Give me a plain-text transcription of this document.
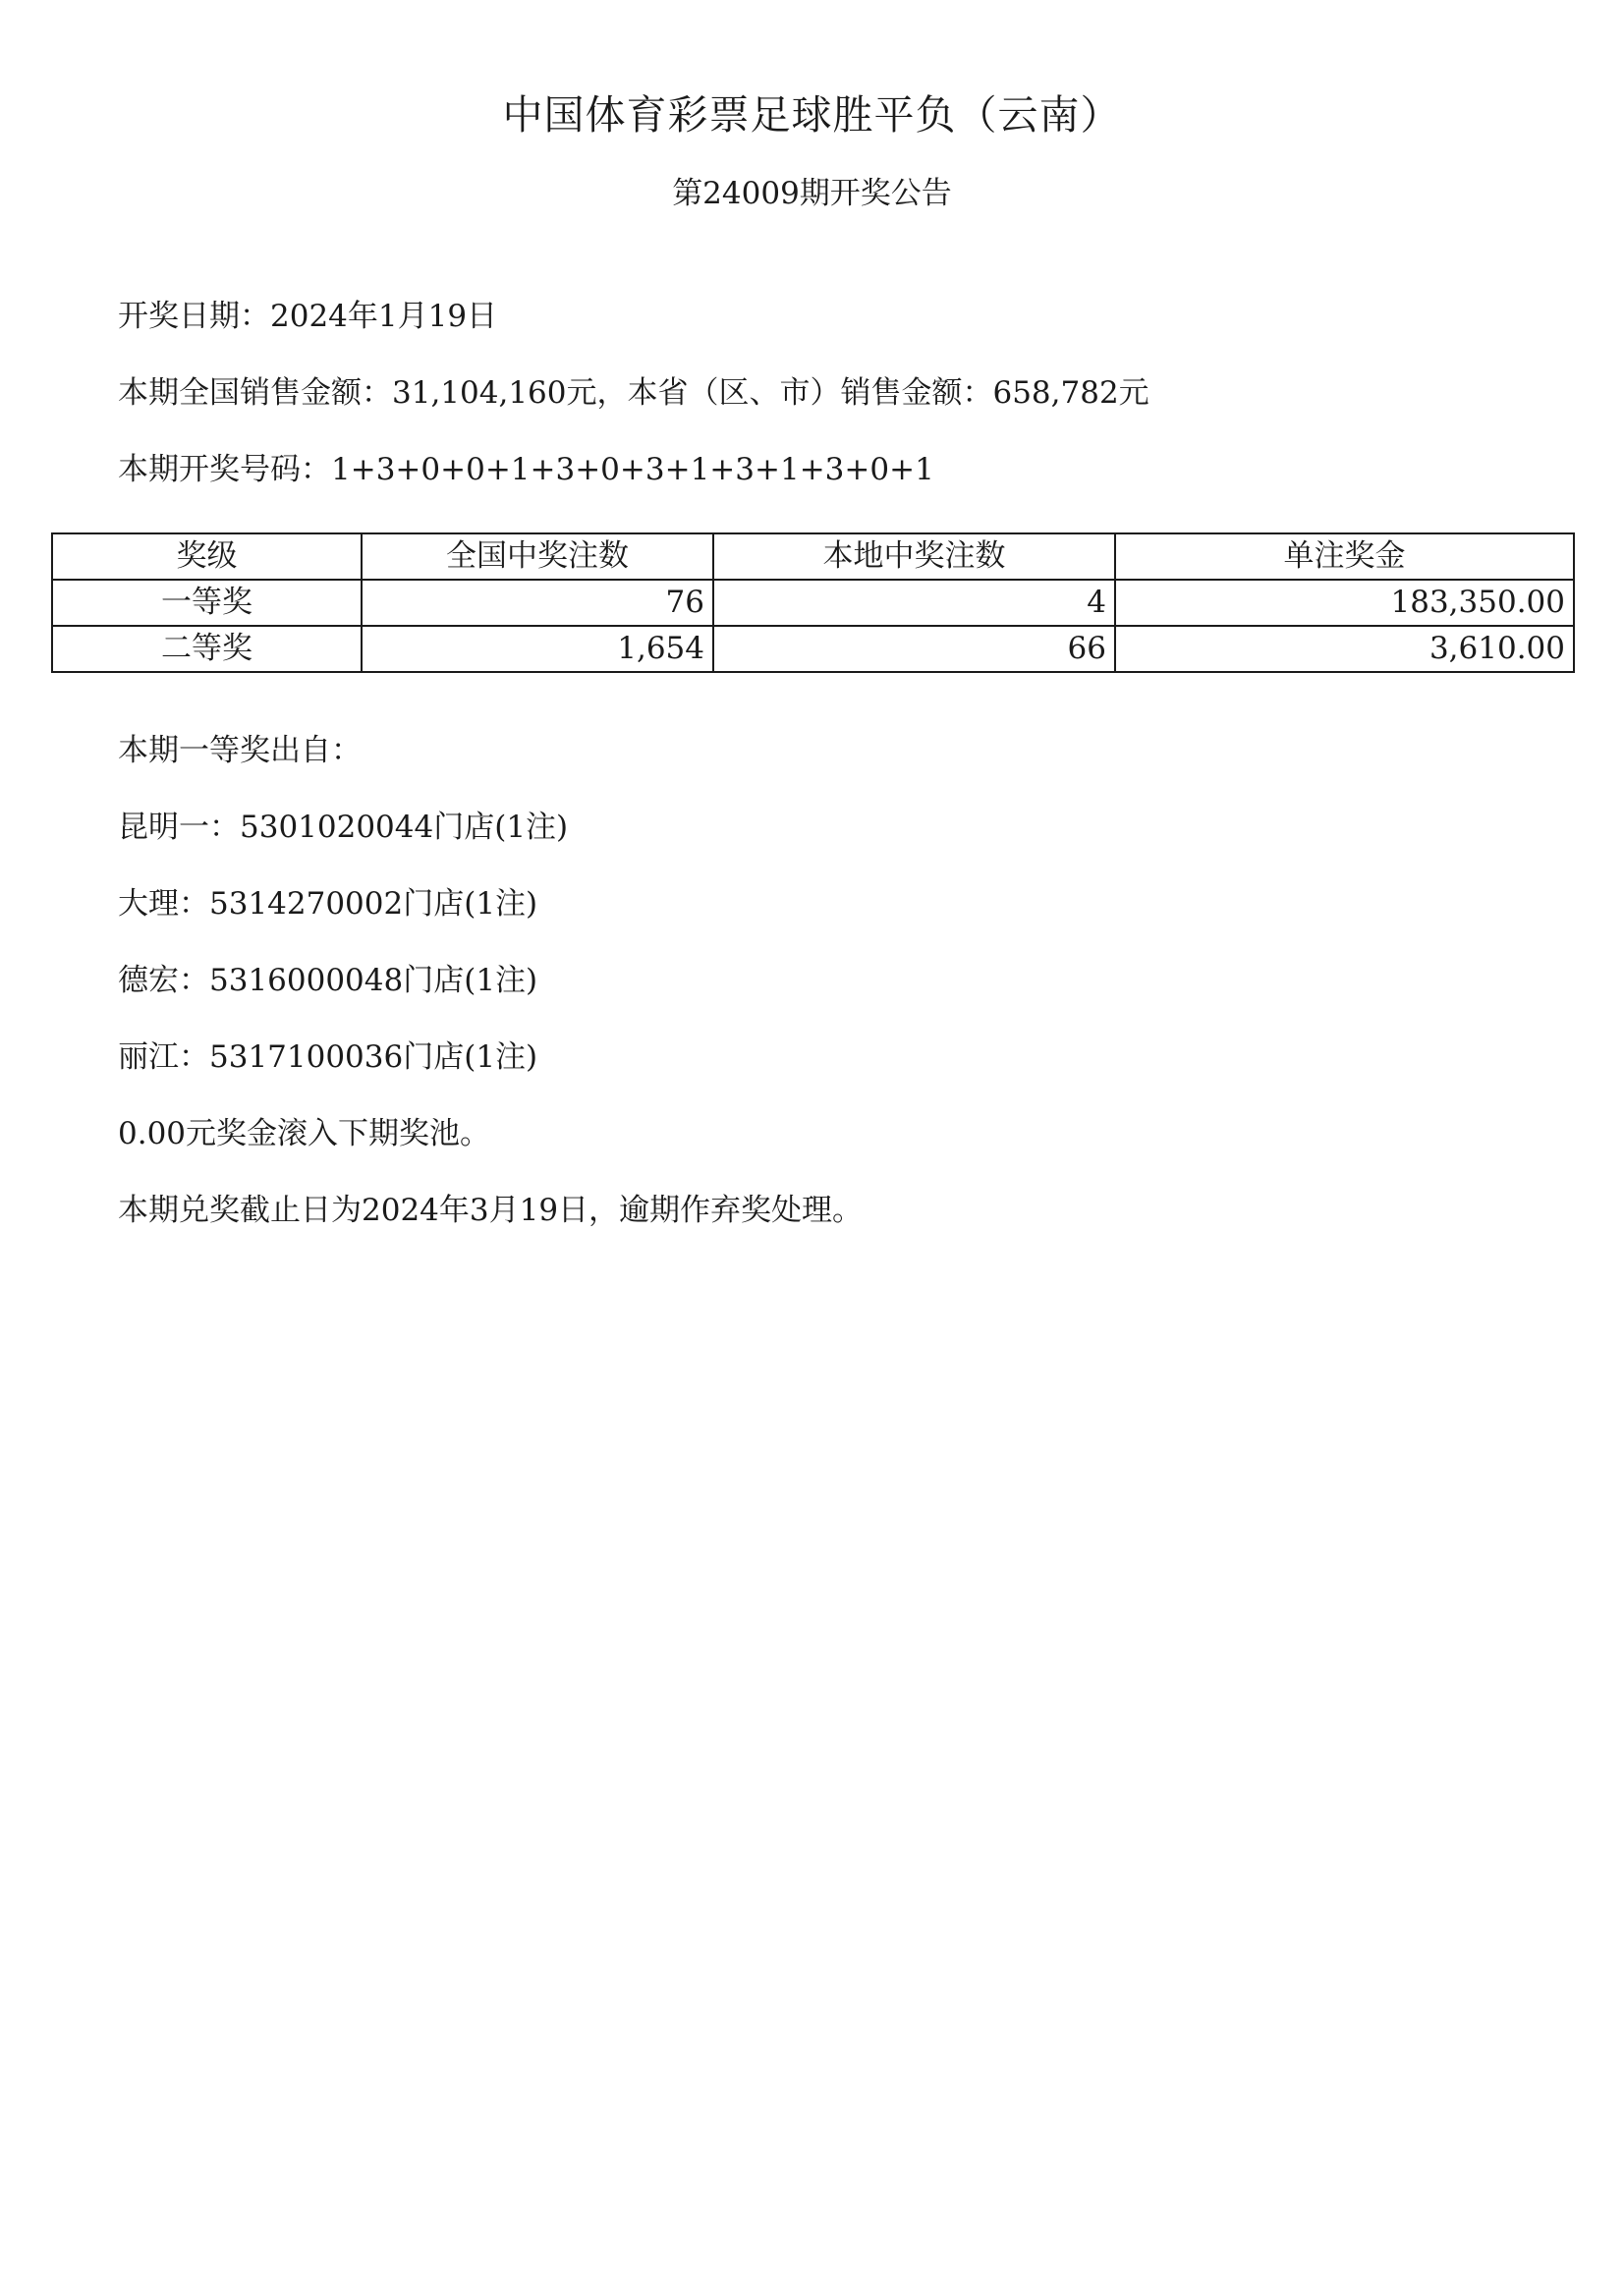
中国体育彩票足球胜平负（云南）
第24009期开奖公告
开奖日期：2024年1月19日
本期全国销售金额：31,104,160元，本省（区、市）销售金额：658,782元
本期开奖号码：1+3+0+0+1+3+0+3+1+3+1+3+0+1
奖级	全国中奖注数	本地中奖注数	单注奖金
一等奖	76	4	183,350.00
二等奖	1,654	66	3,610.00
本期一等奖出自：
昆明一：5301020044门店(1注)
大理：5314270002门店(1注)
德宏：5316000048门店(1注)
丽江：5317100036门店(1注)
0.00元奖金滚入下期奖池。
本期兑奖截止日为2024年3月19日，逾期作弃奖处理。
